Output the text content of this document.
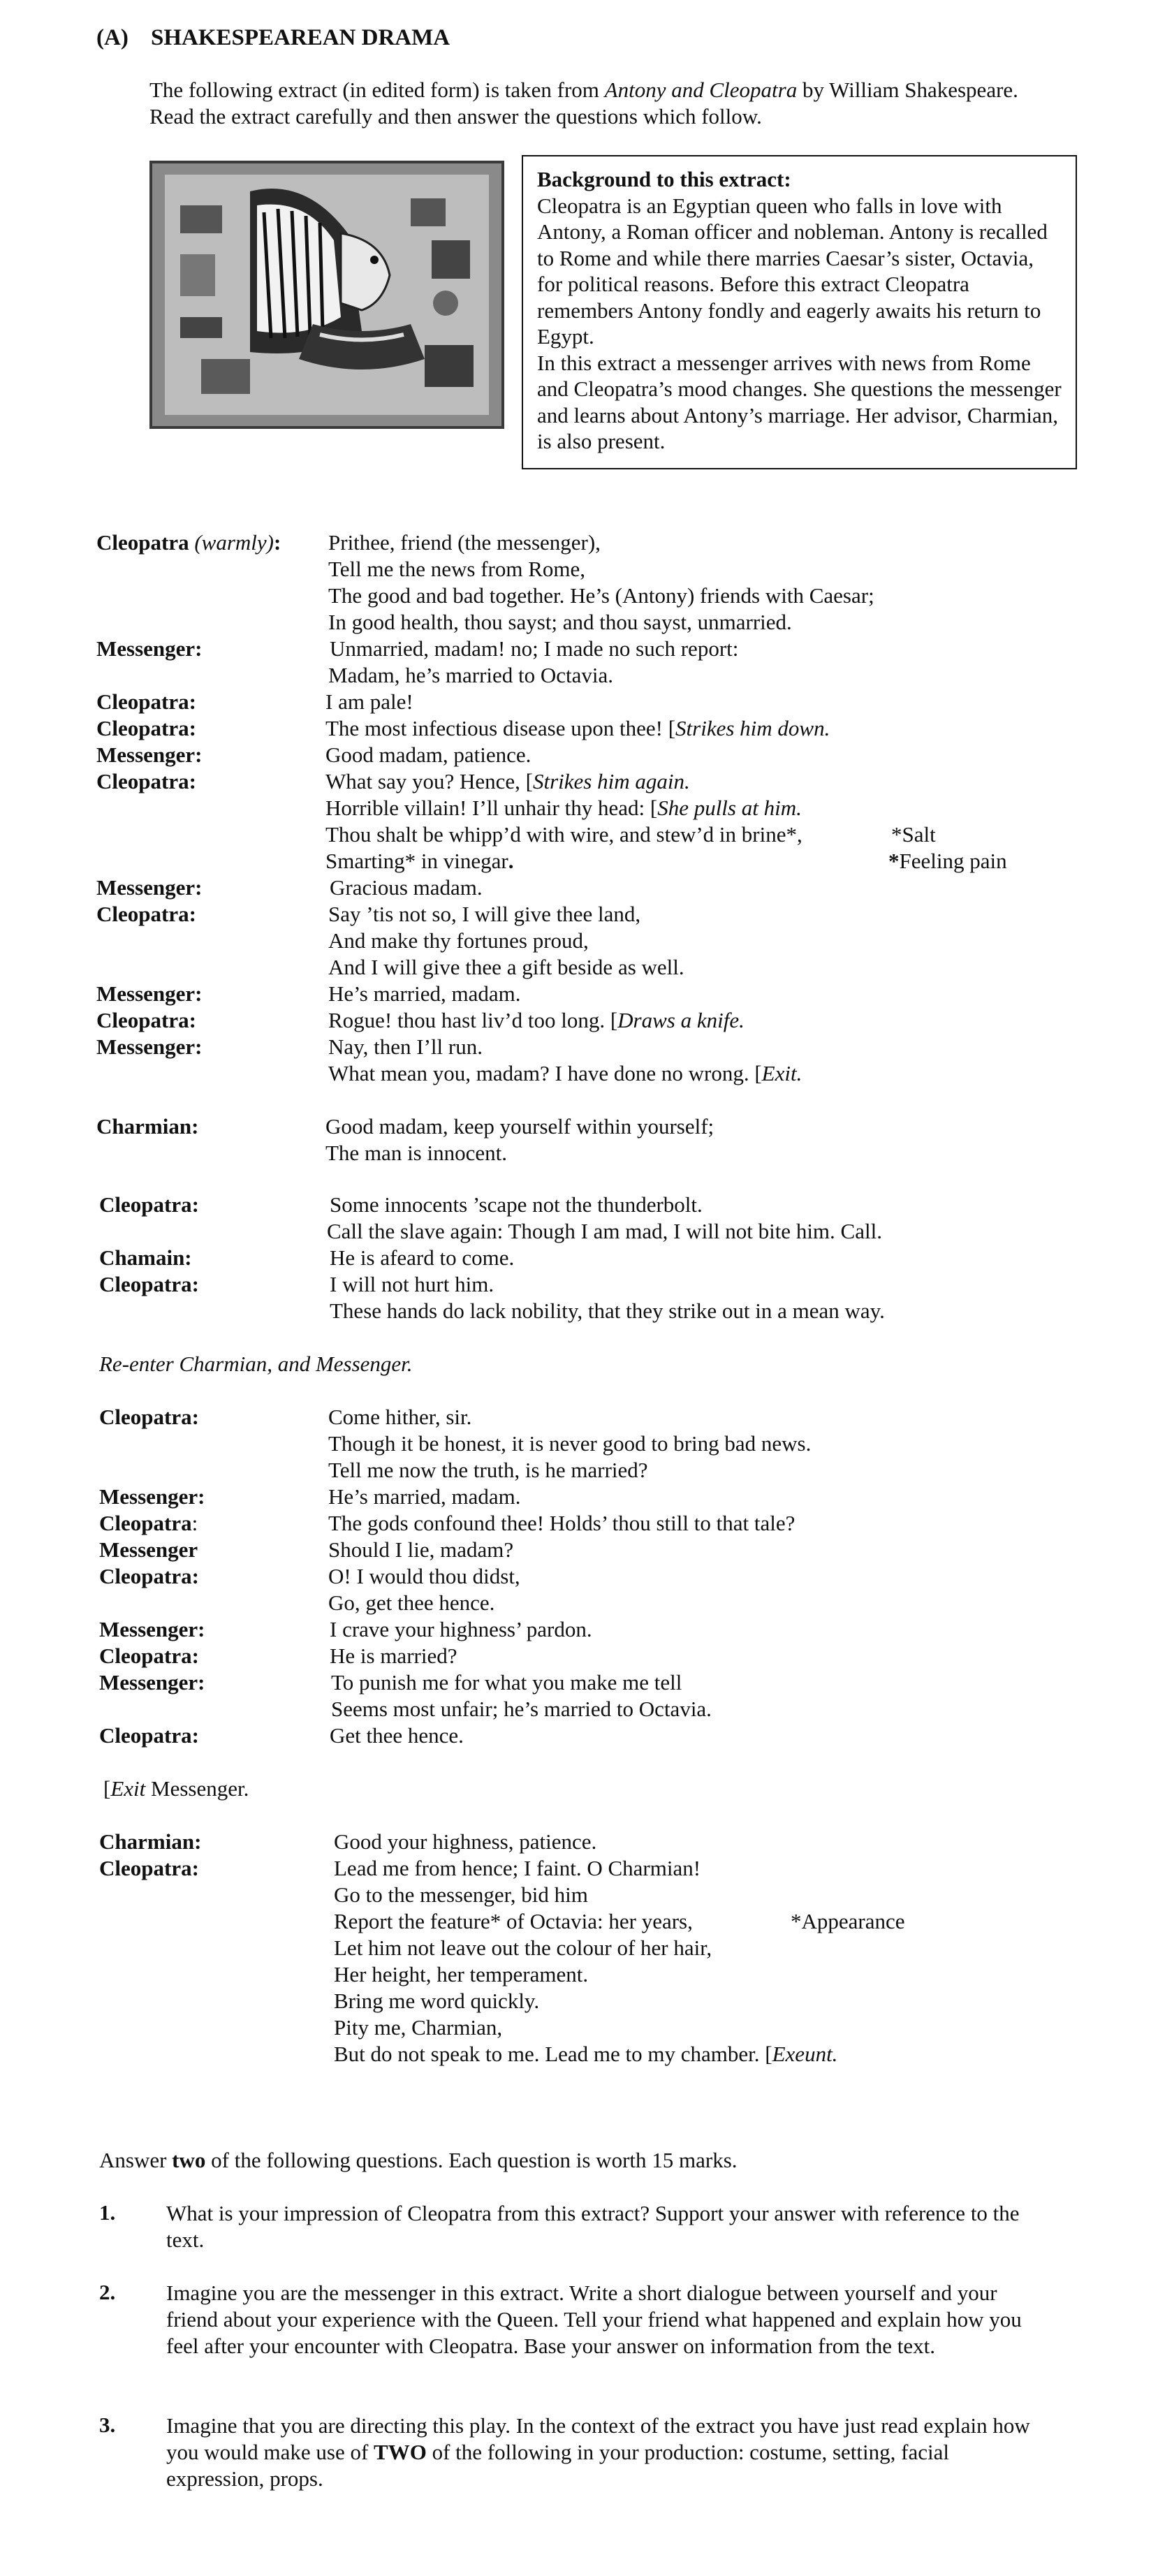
(A) SHAKESPEAREAN DRAMA
The following extract (in edited form) is taken from Antony and Cleopatra by William Shakespeare. Read the extract carefully and then answer the questions which follow.
Background to this extract:
Cleopatra is an Egyptian queen who falls in love with Antony, a Roman officer and nobleman. Antony is recalled to Rome and while there marries Caesar’s sister, Octavia, for political reasons. Before this extract Cleopatra remembers Antony fondly and eagerly awaits his return to Egypt.
In this extract a messenger arrives with news from Rome and Cleopatra’s mood changes. She questions the messenger and learns about Antony’s marriage. Her advisor, Charmian, is also present.
Cleopatra (warmly): Prithee, friend (the messenger),
Tell me the news from Rome,
The good and bad together. He’s (Antony) friends with Caesar;
In good health, thou sayst; and thou sayst, unmarried.
Messenger:	Unmarried, madam! no; I made no such report:
Madam, he’s married to Octavia.
Cleopatra:	I am pale!
Cleopatra:	The most infectious disease upon thee! [Strikes him down.
Messenger:	Good madam, patience.
Cleopatra:	What say you? Hence, [Strikes him again.
Horrible villain! I’ll unhair thy head: [She pulls at him.
Thou shalt be whipp’d with wire, and stew’d in brine*,
Smarting* in vinegar.
*Salt
*Feeling pain
Messenger:	Gracious madam.
Cleopatra:	Say ’tis not so, I will give thee land,
And make thy fortunes proud,
And I will give thee a gift beside as well.
Messenger:	He’s married, madam.
Cleopatra:	Rogue! thou hast liv’d too long. [Draws a knife.
Messenger:	Nay, then I’ll run.
What mean you, madam? I have done no wrong. [Exit.
Charmian:	Good madam, keep yourself within yourself;
The man is innocent.
Cleopatra:	Some innocents ’scape not the thunderbolt.
Call the slave again: Though I am mad, I will not bite him. Call.
Chamain:	He is afeard to come.
Cleopatra:	I will not hurt him.
These hands do lack nobility, that they strike out in a mean way.
Re-enter Charmian, and Messenger.
Cleopatra:	Come hither, sir.
Though it be honest, it is never good to bring bad news.
Tell me now the truth, is he married?
Messenger:	He’s married, madam.
Cleopatra:	The gods confound thee! Holds’ thou still to that tale?
Messenger	Should I lie, madam?
Cleopatra:	O! I would thou didst,
Go, get thee hence.
Messenger:	I crave your highness’ pardon.
Cleopatra:	He is married?
Messenger:	To punish me for what you make me tell
Seems most unfair; he’s married to Octavia.
Cleopatra:	Get thee hence.
[Exit Messenger.
Charmian:	Good your highness, patience.
Cleopatra:	Lead me from hence; I faint. O Charmian!
Go to the messenger, bid him
Report the feature* of Octavia: her years,
Let him not leave out the colour of her hair,
Her height, her temperament.
Bring me word quickly.
Pity me, Charmian,
But do not speak to me. Lead me to my chamber. [Exeunt.
*Appearance
Answer two of the following questions. Each question is worth 15 marks.
1. What is your impression of Cleopatra from this extract? Support your answer with reference to the text.
2. Imagine you are the messenger in this extract. Write a short dialogue between yourself and your friend about your experience with the Queen. Tell your friend what happened and explain how you feel after your encounter with Cleopatra. Base your answer on information from the text.
3. Imagine that you are directing this play. In the context of the extract you have just read explain how you would make use of TWO of the following in your production: costume, setting, facial expression, props.
